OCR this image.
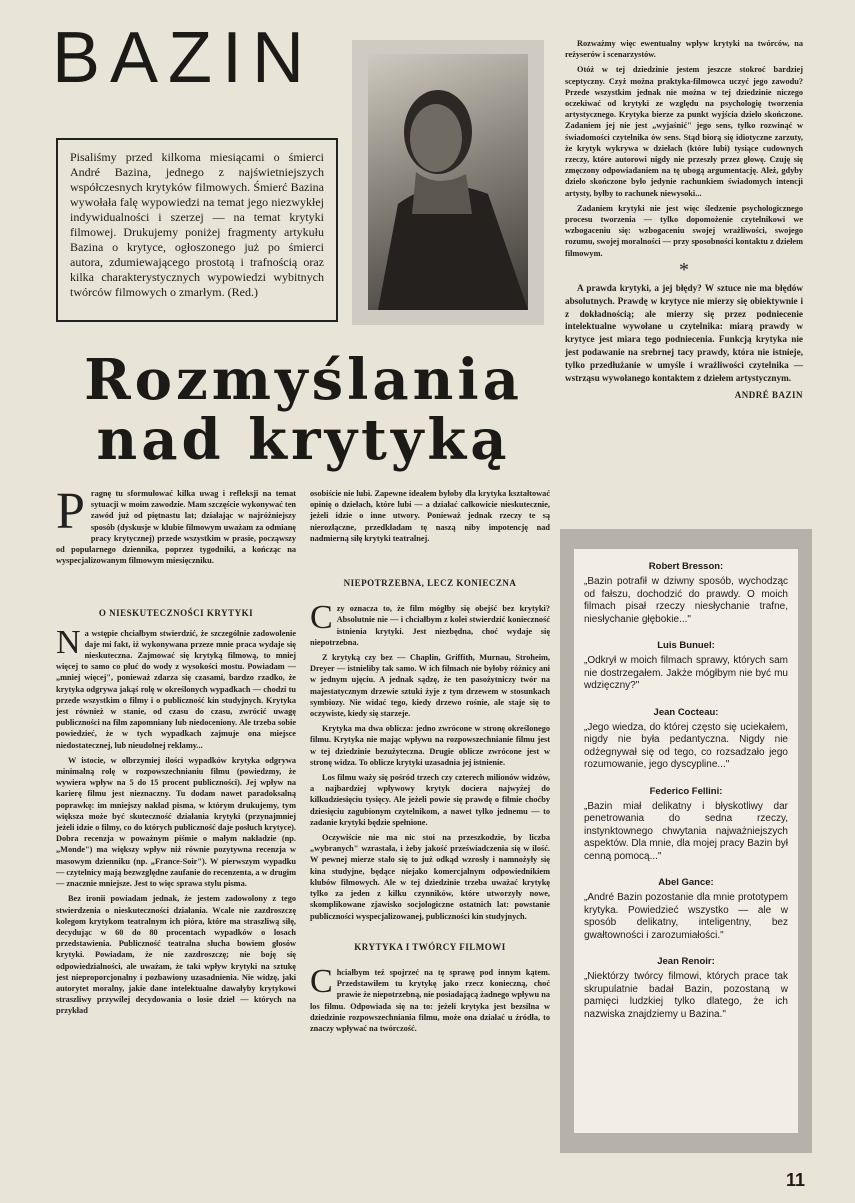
BAZIN
Pisaliśmy przed kilkoma miesiącami o śmierci André Bazina, jednego z najświetniejszych współczesnych krytyków filmowych. Śmierć Bazina wywołała falę wypowiedzi na temat jego niezwykłej indywidualności i szerzej — na temat krytyki filmowej. Drukujemy poniżej fragmenty artykułu Bazina o krytyce, ogłoszonego już po śmierci autora, zdumiewającego prostotą i trafnością oraz kilka charakterystycznych wypowiedzi wybitnych twórców filmowych o zmarłym. (Red.)
Rozmyślania
nad krytyką

P ragnę tu sformułować kilka uwag i refleksji na temat sytuacji w moim zawodzie. Mam szczęście wykonywać ten zawód już od piętnastu lat; działając w najróżniejszy sposób (dyskusje w klubie filmowym uważam za odmianę pracy krytycznej) przede wszystkim w prasie, począwszy od popularnego dziennika, poprzez tygodniki, a kończąc na wyspecjalizowanym filmowym miesięczniku.

O NIESKUTECZNOŚCI KRYTYKI

N a wstępie chciałbym stwierdzić, że szczególnie zadowolenie daje mi fakt, iż wykonywana przeze mnie praca wydaje się nieskuteczna. Zajmować się krytyką filmową, to mniej więcej to samo co pluć do wody z wysokości mostu. Powiadam — „mniej więcej", ponieważ zdarza się czasami, bardzo rzadko, że krytyka odgrywa jakąś rolę w określonych wypadkach — chodzi tu przede wszystkim o filmy i o publiczność kin studyjnych. Krytyka jest również w stanie, od czasu do czasu, zwrócić uwagę publiczności na film zapomniany lub niedoceniony. Ale trzeba sobie powiedzieć, że w tych wypadkach zajmuje ona miejsce niedostatecznej, lub nieudolnej reklamy...

W istocie, w olbrzymiej ilości wypadków krytyka odgrywa minimalną rolę w rozpowszechnianiu filmu (powiedzmy, że wywiera wpływ na 5 do 15 procent publiczności). Jej wpływ na karierę filmu jest nieznaczny. Tu dodam nawet paradoksalną poprawkę: im mniejszy nakład pisma, w którym drukujemy, tym większa może być skuteczność działania krytyki (przynajmniej jeżeli idzie o filmy, co do których publiczność daje posłuch krytyce). Dobra recenzja w poważnym piśmie o małym nakładzie (np. „Monde") ma większy wpływ niż równie pozytywna recenzja w masowym dzienniku (np. „France-Soir"). W pierwszym wypadku — czytelnicy mają bezwzględne zaufanie do recenzenta, a w drugim — znacznie mniejsze. Jest to więc sprawa stylu pisma.

Bez ironii powiadam jednak, że jestem zadowolony z tego stwierdzenia o nieskuteczności działania. Wcale nie zazdroszczę kolegom krytykom teatralnym ich pióra, które ma straszliwą siłę, decydując w 60 do 80 procentach wypadków o losach przedstawienia. Publiczność teatralna słucha bowiem głosów krytyki. Powiadam, że nie zazdroszczę; nie boję się odpowiedzialności, ale uważam, że taki wpływ krytyki na sztukę jest nieproporcjonalny i pozbawiony uzasadnienia. Nie widzę, jaki autorytet moralny, jakie dane intelektualne dawałyby krytykowi straszliwy przywilej decydowania o losie dzieł — których na przykład

osobiście nie lubi. Zapewne ideałem byłoby dla krytyka kształtować opinię o dziełach, które lubi — a działać całkowicie nieskutecznie, jeżeli idzie o inne utwory. Ponieważ jednak rzeczy te są nierozłączne, przedkładam tę naszą niby impotencję nad nadmierną siłę krytyki teatralnej.

NIEPOTRZEBNA, LECZ KONIECZNA

C zy oznacza to, że film mógłby się obejść bez krytyki? Absolutnie nie — i chciałbym z kolei stwierdzić konieczność istnienia krytyki. Jest niezbędna, choć wydaje się niepotrzebna.

Z krytyką czy bez — Chaplin, Griffith, Murnau, Stroheim, Dreyer — istnieliby tak samo. W ich filmach nie byłoby różnicy ani w jednym ujęciu. A jednak sądzę, że ten pasożytniczy twór na majestatycznym drzewie sztuki żyje z tym drzewem w stosunkach symbiozy. Nie widać tego, kiedy drzewo rośnie, ale staje się to oczywiste, kiedy się starzeje.

Krytyka ma dwa oblicza: jedno zwrócone w stronę określonego filmu. Krytyka nie mając wpływu na rozpowszechnianie filmu jest w tej dziedzinie bezużyteczna. Drugie oblicze zwrócone jest w stronę widza. To oblicze krytyki uzasadnia jej istnienie.

Los filmu waży się pośród trzech czy czterech milionów widzów, a najbardziej wpływowy krytyk dociera najwyżej do kilkudziesięciu tysięcy. Ale jeżeli powie się prawdę o filmie choćby dziesięciu zagubionym czytelnikom, a nawet tylko jednemu — to zadanie krytyki będzie spełnione.

Oczywiście nie ma nic stoi na przeszkodzie, by liczba „wybranych" wzrastała, i żeby jakość przeświadczenia się w ilość. W pewnej mierze stało się to już odkąd wzrosły i namnożyły się kina studyjne, będące niejako komercjalnym odpowiednikiem klubów filmowych. Ale w tej dziedzinie trzeba uważać krytykę tylko za jeden z kilku czynników, które utworzyły nowe, skomplikowane zjawisko socjologiczne ostatnich lat: powstanie publiczności wyspecjalizowanej, publiczności kin studyjnych.

KRYTYKA I TWÓRCY FILMOWI

C hciałbym teź spojrzeć na tę sprawę pod innym kątem. Przedstawiłem tu krytykę jako rzecz konieczną, choć prawie że niepotrzebną, nie posiadającą żadnego wpływu na los filmu. Odpowiada się na to: jeżeli krytyka jest bezsilna w dziedzinie rozpowszechniania filmu, może ona działać u źródła, to znaczy wpływać na twórczość.

Rozważmy więc ewentualny wpływ krytyki na twórców, na reżyserów i scenarzystów.

Otóż w tej dziedzinie jestem jeszcze stokroć bardziej sceptyczny. Czyż można praktyka-filmowca uczyć jego zawodu? Przede wszystkim jednak nie można w tej dziedzinie niczego oczekiwać od krytyki ze względu na psychologię tworzenia artystycznego. Krytyka bierze za punkt wyjścia dzieło skończone. Zadaniem jej nie jest „wyjaśnić" jego sens, tylko rozwinąć w świadomości czytelnika ów sens. Stąd biorą się idiotyczne zarzuty, że krytyk wykrywa w dziełach (które lubi) tysiące cudownych rzeczy, które autorowi nigdy nie przeszły przez głowę. Czuję się zmęczony odpowiadaniem na tę ubogą argumentację. Ależ, gdyby dzieło skończone było jedynie rachunkiem świadomych intencji artysty, byłby to rachunek niewysoki...

Zadaniem krytyki nie jest więc śledzenie psychologicznego procesu tworzenia — tylko dopomożenie czytelnikowi we wzbogaceniu się: wzbogaceniu swojej wrażliwości, swojego rozumu, swojej moralności — przy sposobności kontaktu z dziełem filmowym.

*

A prawda krytyki, a jej błędy? W sztuce nie ma błędów absolutnych. Prawdę w krytyce nie mierzy się obiektywnie i z dokładnością; ale mierzy się przez podniecenie intelektualne wywołane u czytelnika: miarą prawdy w krytyce jest miara tego podniecenia. Funkcją krytyka nie jest podawanie na srebrnej tacy prawdy, która nie istnieje, tylko przedłużanie w umyśle i wrażliwości czytelnika — wstrząsu wywołanego kontaktem z dziełem artystycznym.

ANDRÉ BAZIN
Robert Bresson:
„Bazin potrafił w dziwny sposób, wychodząc od fałszu, dochodzić do prawdy. O moich filmach pisał rzeczy niesłychanie trafne, niesłychanie głębokie..."
Luis Bunuel:
„Odkrył w moich filmach sprawy, których sam nie dostrzegałem. Jakże mógłbym nie być mu wdzięczny?"
Jean Cocteau:
„Jego wiedza, do której często się uciekałem, nigdy nie była pedantyczna. Nigdy nie odżegnywał się od tego, co rozsadzało jego rozumowanie, jego dyscypline..."
Federico Fellini:
„Bazin miał delikatny i błyskotliwy dar penetrowania do sedna rzeczy, instynktownego chwytania najważniejszych aspektów. Dla mnie, dla mojej pracy Bazin był cenną pomocą..."
Abel Gance:
„André Bazin pozostanie dla mnie prototypem krytyka. Powiedzieć wszystko — ale w sposób delikatny, inteligentny, bez gwałtowności i zarozumiałości."
Jean Renoir:
„Niektórzy twórcy filmowi, których prace tak skrupulatnie badał Bazin, pozostaną w pamięci ludzkiej tylko dlatego, że ich nazwiska znajdziemy u Bazina."
11
